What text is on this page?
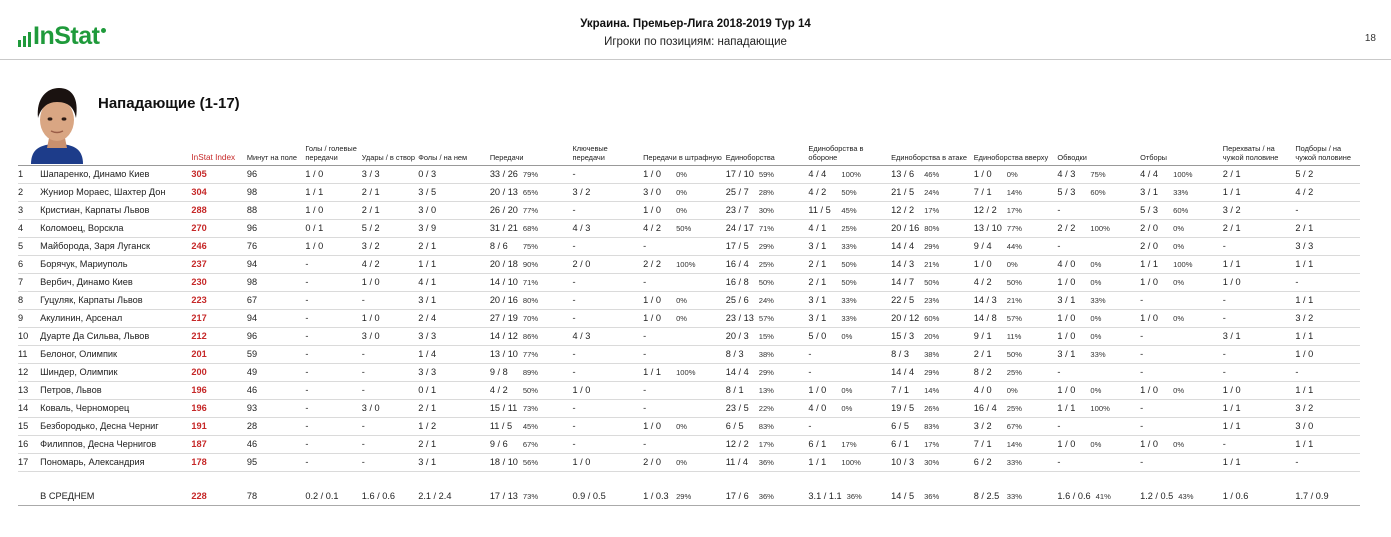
InStat	Украина. Премьер-Лига 2018-2019 Тур 14
Игроки по позициям: нападающие	18
Нападающие (1-17)
		InStat Index	Минут на поле	Голы / голевые передачи	Удары / в створ	Фолы / на нем	Передачи	Ключевые передачи	Передачи в штрафную	Единоборства	Единоборства в обороне	Единоборства в атаке	Единоборства вверху	Обводки	Отборы	Перехваты / на чужой половине	Подборы / на чужой половине
1	Шапаренко, Динамо Киев	305	96	1 / 0	3 / 3	0 / 3	33 / 26 79%	-	1 / 0 0%	17 / 10 59%	4 / 4 100%	13 / 6 46%	1 / 0 0%	4 / 3 75%	4 / 4 100%	2 / 1	5 / 2
2	Жуниор Мораес, Шахтер Дон	304	98	1 / 1	2 / 1	3 / 5	20 / 13 65%	3 / 2	3 / 0 0%	25 / 7 28%	4 / 2 50%	21 / 5 24%	7 / 1 14%	5 / 3 60%	3 / 1 33%	1 / 1	4 / 2
3	Кристиан, Карпаты Львов	288	88	1 / 0	2 / 1	3 / 0	26 / 20 77%	-	1 / 0 0%	23 / 7 30%	11 / 5 45%	12 / 2 17%	12 / 2 17%	-	5 / 3 60%	3 / 2	-
4	Коломоец, Ворскла	270	96	0 / 1	5 / 2	3 / 9	31 / 21 68%	4 / 3	4 / 2 50%	24 / 17 71%	4 / 1 25%	20 / 16 80%	13 / 10 77%	2 / 2 100%	2 / 0 0%	2 / 1	2 / 1
5	Майборода, Заря Луганск	246	76	1 / 0	3 / 2	2 / 1	8 / 6 75%	-	-	17 / 5 29%	3 / 1 33%	14 / 4 29%	9 / 4 44%	-	2 / 0 0%	-	3 / 3
6	Борячук, Мариуполь	237	94	-	4 / 2	1 / 1	20 / 18 90%	2 / 0	2 / 2 100%	16 / 4 25%	2 / 1 50%	14 / 3 21%	1 / 0 0%	4 / 0 0%	1 / 1 100%	1 / 1	1 / 1
7	Вербич, Динамо Киев	230	98	-	1 / 0	4 / 1	14 / 10 71%	-	-	16 / 8 50%	2 / 1 50%	14 / 7 50%	4 / 2 50%	1 / 0 0%	1 / 0 0%	1 / 0	-
8	Гуцуляк, Карпаты Львов	223	67	-	-	3 / 1	20 / 16 80%	-	1 / 0 0%	25 / 6 24%	3 / 1 33%	22 / 5 23%	14 / 3 21%	3 / 1 33%	-	-	1 / 1
9	Акулинин, Арсенал	217	94	-	1 / 0	2 / 4	27 / 19 70%	-	1 / 0 0%	23 / 13 57%	3 / 1 33%	20 / 12 60%	14 / 8 57%	1 / 0 0%	1 / 0 0%	-	3 / 2
10	Дуарте Да Сильва, Львов	212	96	-	3 / 0	3 / 3	14 / 12 86%	4 / 3	-	20 / 3 15%	5 / 0 0%	15 / 3 20%	9 / 1 11%	1 / 0 0%	-	3 / 1	1 / 1
11	Белоног, Олимпик	201	59	-	-	1 / 4	13 / 10 77%	-	-	8 / 3 38%	-	8 / 3 38%	2 / 1 50%	3 / 1 33%	-	-	1 / 0
12	Шиндер, Олимпик	200	49	-	-	3 / 3	9 / 8 89%	-	1 / 1 100%	14 / 4 29%	-	14 / 4 29%	8 / 2 25%	-	-	-	-
13	Петров, Львов	196	46	-	-	0 / 1	4 / 2 50%	1 / 0	-	8 / 1 13%	1 / 0 0%	7 / 1 14%	4 / 0 0%	1 / 0 0%	1 / 0 0%	1 / 0	1 / 1
14	Коваль, Черноморец	196	93	-	3 / 0	2 / 1	15 / 11 73%	-	-	23 / 5 22%	4 / 0 0%	19 / 5 26%	16 / 4 25%	1 / 1 100%	-	1 / 1	3 / 2
15	Безбородько, Десна Черниг	191	28	-	-	1 / 2	11 / 5 45%	-	1 / 0 0%	6 / 5 83%	-	6 / 5 83%	3 / 2 67%	-	-	1 / 1	3 / 0
16	Филиппов, Десна Чернигов	187	46	-	-	2 / 1	9 / 6 67%	-	-	12 / 2 17%	6 / 1 17%	6 / 1 17%	7 / 1 14%	1 / 0 0%	1 / 0 0%	-	1 / 1
17	Пономарь, Александрия	178	95	-	-	3 / 1	18 / 10 56%	1 / 0	2 / 0 0%	11 / 4 36%	1 / 1 100%	10 / 3 30%	6 / 2 33%	-	-	1 / 1	-

	В СРЕДНЕМ	228	78	0.2 / 0.1	1.6 / 0.6	2.1 / 2.4	17 / 13 73%	0.9 / 0.5	1 / 0.3 29%	17 / 6 36%	3.1 / 1.1 36%	14 / 5 36%	8 / 2.5 33%	1.6 / 0.6 41%	1.2 / 0.5 43%	1 / 0.6	1.7 / 0.9
